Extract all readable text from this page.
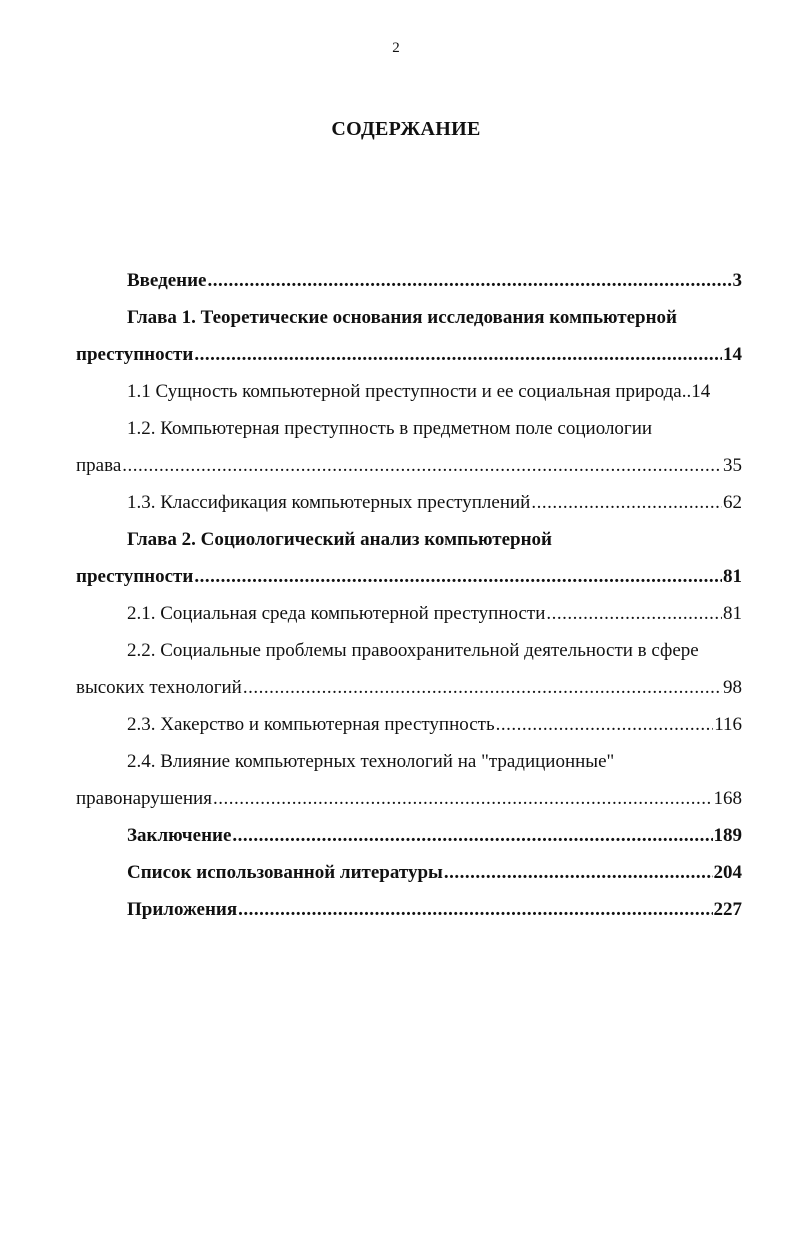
2
СОДЕРЖАНИЕ
Введение .....	3
Глава 1. Теоретические основания исследования компьютерной
преступности .....	14
1.1 Сущность компьютерной преступности и ее социальная природа..14
1.2. Компьютерная преступность в предметном поле социологии
права .....	35
1.3. Классификация компьютерных преступлений .....	62
Глава 2. Социологический анализ компьютерной
преступности .....	81
2.1. Социальная среда компьютерной преступности .....	81
2.2. Социальные проблемы правоохранительной деятельности в сфере
высоких технологий .....	98
2.3. Хакерство и компьютерная преступность .....	116
2.4. Влияние компьютерных технологий на "традиционные"
правонарушения .....	168
Заключение .....	189
Список использованной литературы .....	204
Приложения .....	227
